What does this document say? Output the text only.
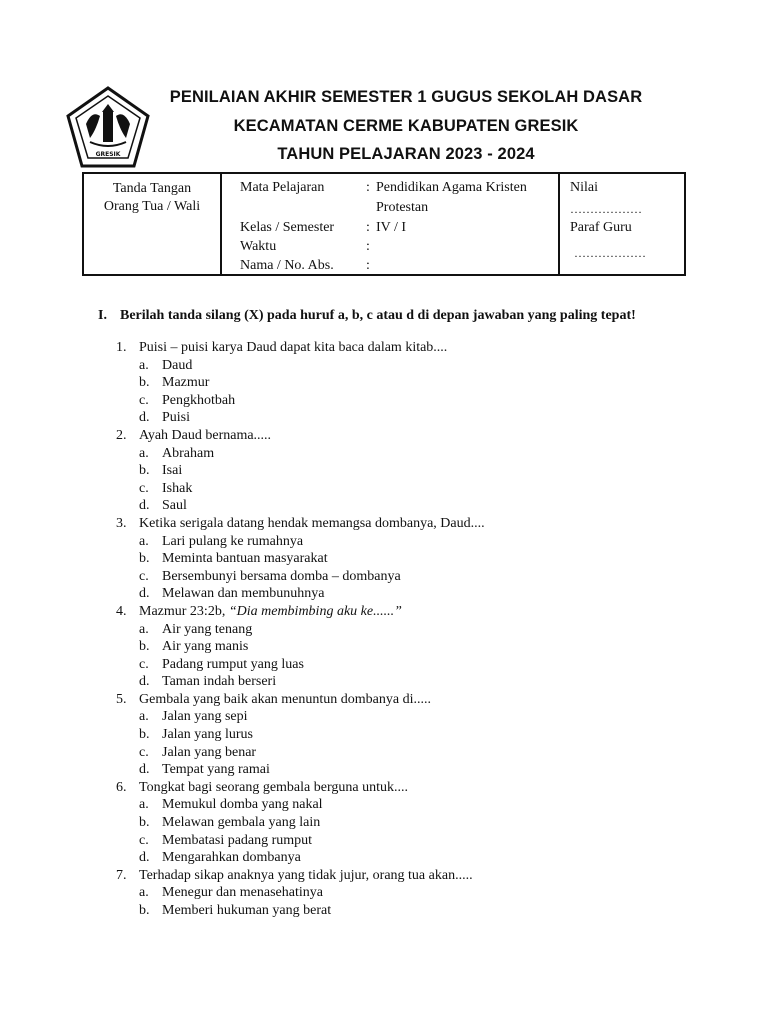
GRESIK
PENILAIAN AKHIR SEMESTER 1 GUGUS SEKOLAH DASAR
KECAMATAN CERME KABUPATEN GRESIK
TAHUN PELAJARAN 2023 - 2024
Tanda Tangan
Orang Tua / Wali

Mata Pelajaran	: Pendidikan Agama Kristen
Protestan
Kelas / Semester : IV / I
Waktu	:
Nama / No. Abs. :

Nilai
………………
Paraf Guru
………………
I. Berilah tanda silang (X) pada huruf a, b, c atau d di depan jawaban yang paling tepat!
1. Puisi – puisi karya Daud dapat kita baca dalam kitab....
a. Daud
b. Mazmur
c. Pengkhotbah
d. Puisi
2. Ayah Daud bernama.....
a. Abraham
b. Isai
c. Ishak
d. Saul
3. Ketika serigala datang hendak memangsa dombanya, Daud....
a. Lari pulang ke rumahnya
b. Meminta bantuan masyarakat
c. Bersembunyi bersama domba – dombanya
d. Melawan dan membunuhnya
4. Mazmur 23:2b, “Dia membimbing aku ke......”
a. Air yang tenang
b. Air yang manis
c. Padang rumput yang luas
d. Taman indah berseri
5. Gembala yang baik akan menuntun dombanya di.....
a. Jalan yang sepi
b. Jalan yang lurus
c. Jalan yang benar
d. Tempat yang ramai
6. Tongkat bagi seorang gembala berguna untuk....
a. Memukul domba yang nakal
b. Melawan gembala yang lain
c. Membatasi padang rumput
d. Mengarahkan dombanya
7. Terhadap sikap anaknya yang tidak jujur, orang tua akan.....
a. Menegur dan menasehatinya
b. Memberi hukuman yang berat
